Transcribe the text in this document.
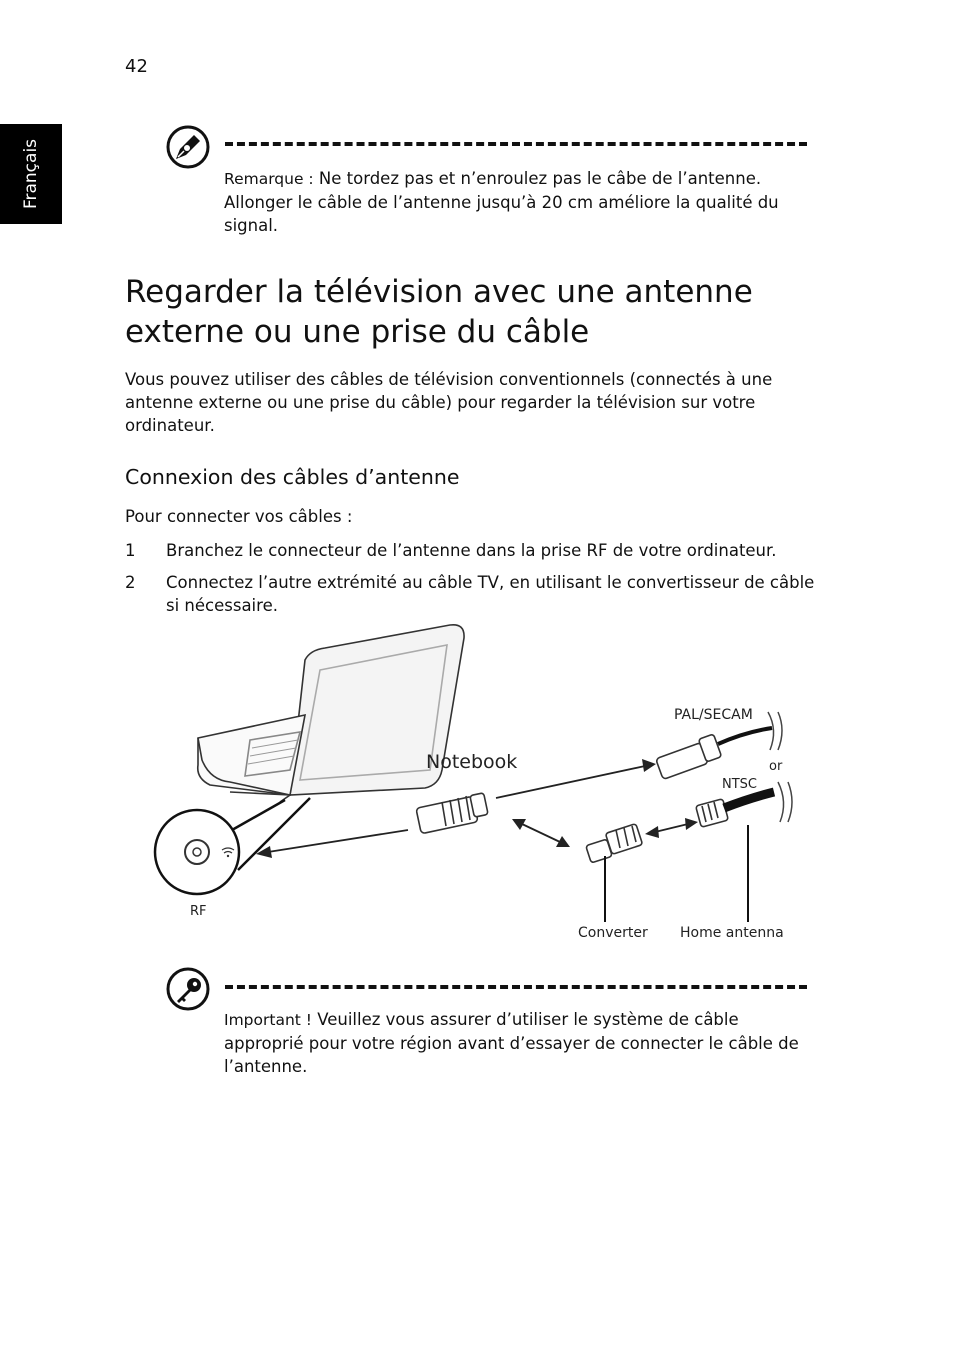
42
Français	Remarque : Ne tordez pas et n’enroulez pas le câbe de l’antenne. Allonger le câble de l’antenne jusqu’à 20 cm améliore la qualité du signal.
Regarder la télévision avec une antenne externe ou une prise du câble
Vous pouvez utiliser des câbles de télévision conventionnels (connectés à une antenne externe ou une prise du câble) pour regarder la télévision sur votre ordinateur.
Connexion des câbles d’antenne
Pour connecter vos câbles :
1 Branchez le connecteur de l’antenne dans la prise RF de votre ordinateur.
2 Connectez l’autre extrémité au câble TV, en utilisant le convertisseur de câble si nécessaire.
Notebook
PAL/SECAM
or
NTSC
RF
Converter Home antenna
Important ! Veuillez vous assurer d’utiliser le système de câble approprié pour votre région avant d’essayer de connecter le câble de l’antenne.
